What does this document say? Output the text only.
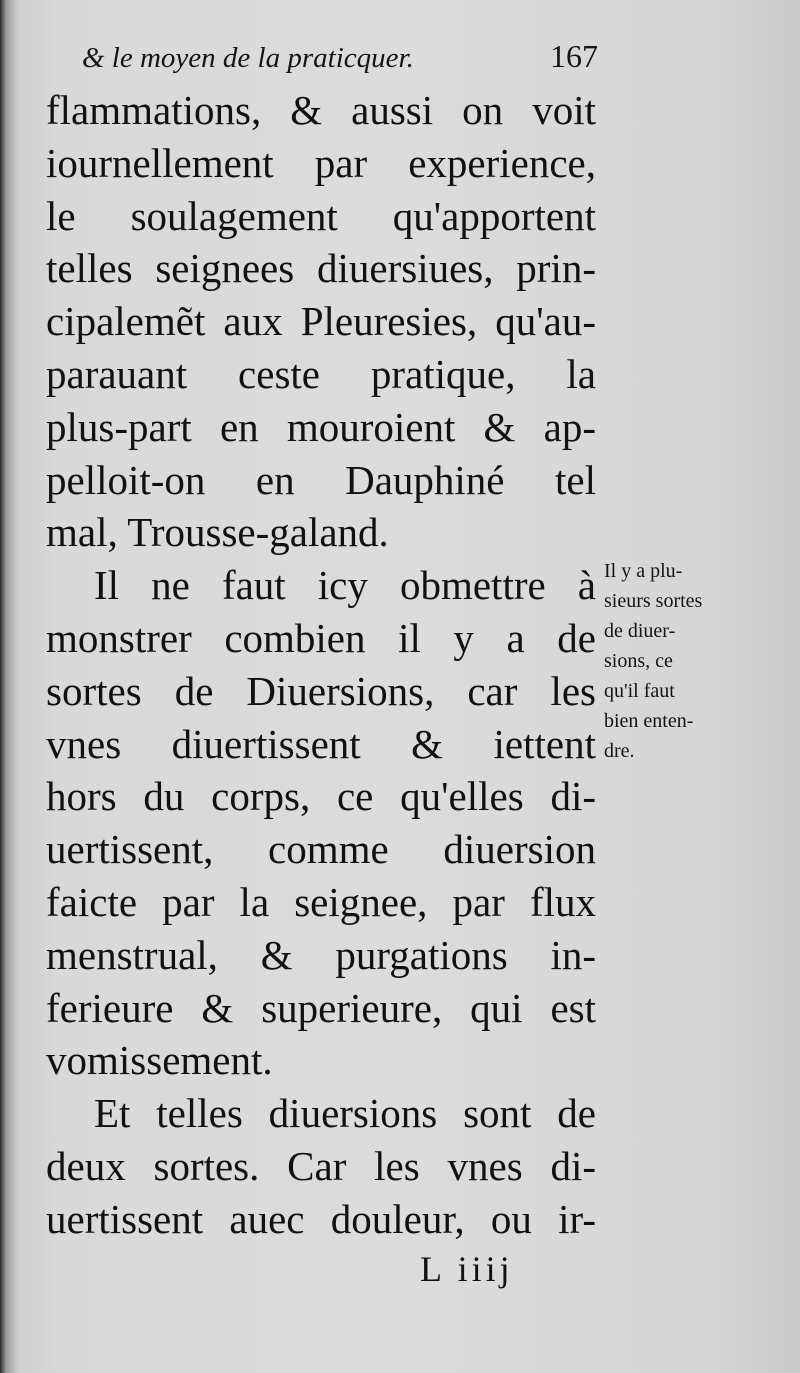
& le moyen de la praticquer.	167
flammations, & aussi on voit
iournellement par experience,
le soulagement qu'apportent
telles seignees diuersiues, prin-
cipalemẽt aux Pleuresies, qu'au-
parauant ceste pratique, la
plus-part en mouroient & ap-
pelloit-on en Dauphiné tel
mal, Trousse-galand.
Il ne faut icy obmettre à
monstrer combien il y a de
sortes de Diuersions, car les
vnes diuertissent & iettent
hors du corps, ce qu'elles di-
uertissent, comme diuersion
faicte par la seignee, par flux
menstrual, & purgations in-
ferieure & superieure, qui est
vomissement.
Et telles diuersions sont de
deux sortes. Car les vnes di-
uertissent auec douleur, ou ir-
Il y a plu-
sieurs sortes
de diuer-
sions, ce
qu'il faut
bien enten-
dre.
L iiij
